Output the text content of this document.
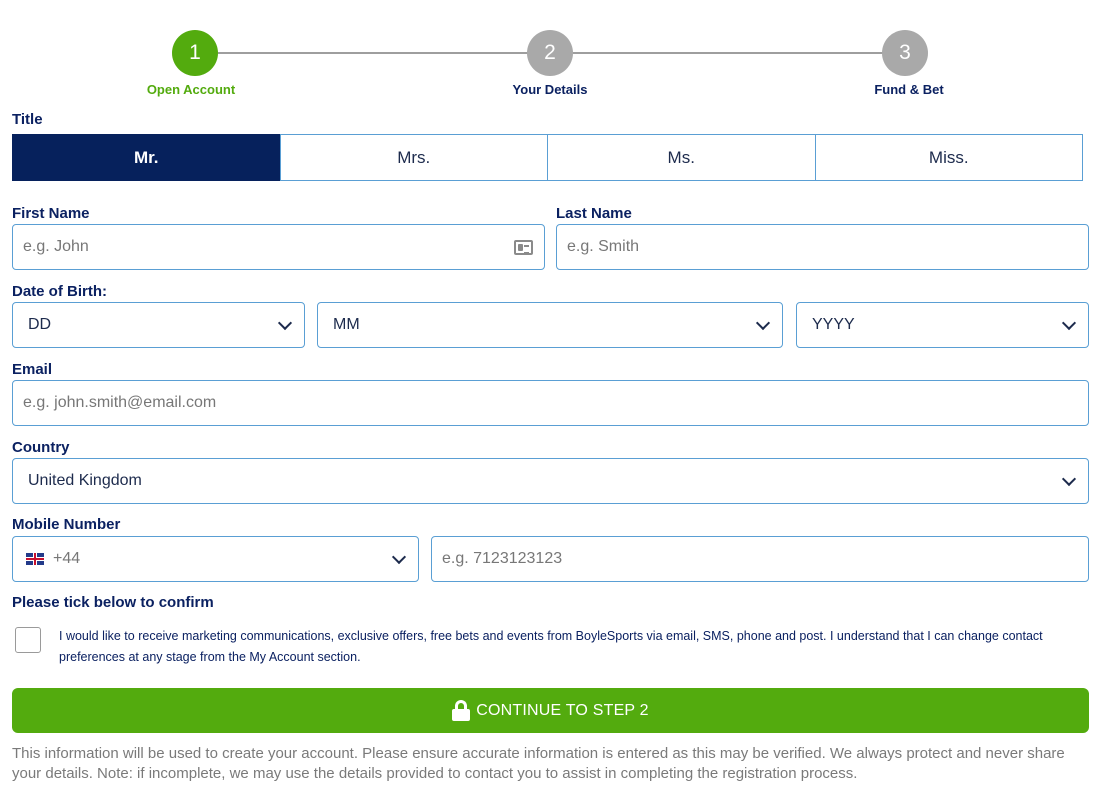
1	2	3
Open Account	Your Details	Fund & Bet
Title
Mr.	Mrs.	Ms.	Miss.
First Name
e.g. John
Last Name
e.g. Smith
Date of Birth:
DD	MM	YYYY
Email
e.g. john.smith@email.com
Country
United Kingdom
Mobile Number
+44	e.g. 7123123123
Please tick below to confirm
I would like to receive marketing communications, exclusive offers, free bets and events from BoyleSports via email, SMS, phone and post. I understand that I can change contact preferences at any stage from the My Account section.
CONTINUE TO STEP 2
This information will be used to create your account. Please ensure accurate information is entered as this may be verified. We always protect and never share your details. Note: if incomplete, we may use the details provided to contact you to assist in completing the registration process.
